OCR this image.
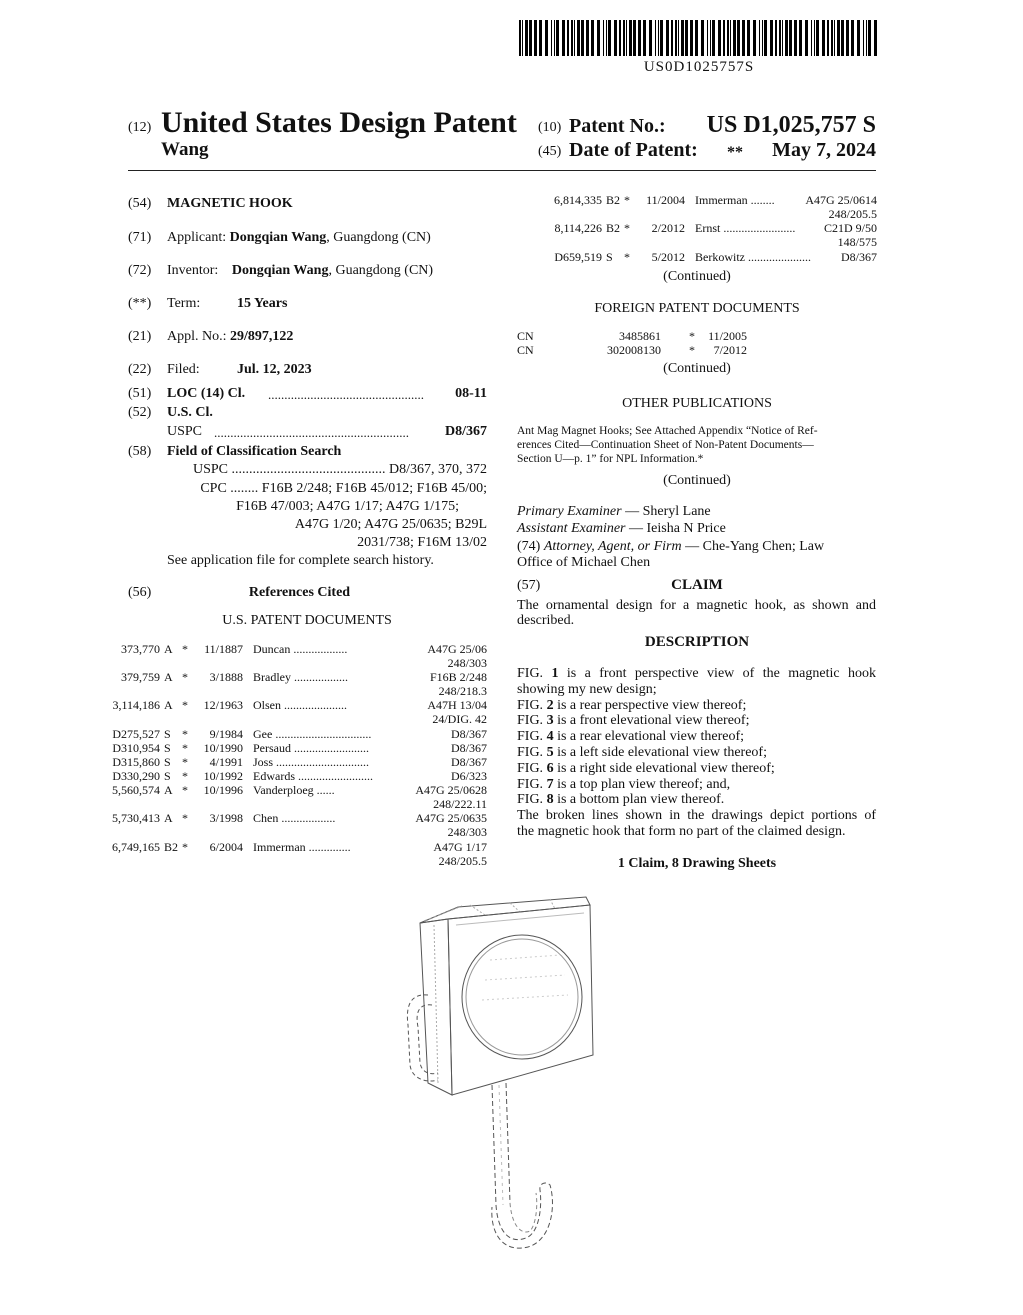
US0D1025757S
(12) United States Design Patent
Wang
(10) Patent No.: US D1,025,757 S
(45) Date of Patent: **	May 7, 2024
(54) MAGNETIC HOOK
(71) Applicant: Dongqian Wang, Guangdong (CN)
(72) Inventor: Dongqian Wang, Guangdong (CN)
(**) Term:	15 Years
(21) Appl. No.: 29/897,122
(22) Filed:	Jul. 12, 2023
(51) LOC (14) Cl. ................................................	08-11
(52) U.S. Cl.
USPC ............................................................	D8/367
(58) Field of Classification Search
USPC ............................................ D8/367, 370, 372
CPC ........ F16B 2/248; F16B 45/012; F16B 45/00;
F16B 47/003; A47G 1/17; A47G 1/175;
A47G 1/20; A47G 25/0635; B29L
2031/738; F16M 13/02
See application file for complete search history.
(56)	References Cited
U.S. PATENT DOCUMENTS
373,770 A * 11/1887 Duncan ..................	A47G 25/06
248/303
379,759 A * 3/1888 Bradley ..................	F16B 2/248
248/218.3
3,114,186 A * 12/1963 Olsen .....................	A47H 13/04
24/DIG. 42
D275,527 S * 9/1984 Gee ................................	D8/367
D310,954 S * 10/1990 Persaud .........................	D8/367
D315,860 S * 4/1991 Joss ...............................	D8/367
D330,290 S * 10/1992 Edwards .........................	D6/323
5,560,574 A * 10/1996 Vanderploeg ......	A47G 25/0628
248/222.11
5,730,413 A * 3/1998 Chen ..................	A47G 25/0635
248/303
6,749,165 B2 * 6/2004 Immerman ..............	A47G 1/17
248/205.5
6,814,335 B2 * 11/2004 Immerman ........	A47G 25/0614
248/205.5
8,114,226 B2 * 2/2012 Ernst ........................ C21D 9/50
148/575
D659,519 S * 5/2012 Berkowitz .....................	D8/367
(Continued)
FOREIGN PATENT DOCUMENTS
CN	3485861 * 11/2005
CN	302008130 * 7/2012
(Continued)
OTHER PUBLICATIONS
Ant Mag Magnet Hooks; See Attached Appendix “Notice of Ref-
erences Cited—Continuation Sheet of Non-Patent Documents—
Section U—p. 1” for NPL Information.*
(Continued)
Primary Examiner — Sheryl Lane
Assistant Examiner — Ieisha N Price
(74) Attorney, Agent, or Firm — Che-Yang Chen; Law
Office of Michael Chen
(57)	CLAIM
The ornamental design for a magnetic hook, as shown and
described.
DESCRIPTION
FIG. 1 is a front perspective view of the magnetic hook
showing my new design;
FIG. 2 is a rear perspective view thereof;
FIG. 3 is a front elevational view thereof;
FIG. 4 is a rear elevational view thereof;
FIG. 5 is a left side elevational view thereof;
FIG. 6 is a right side elevational view thereof;
FIG. 7 is a top plan view thereof; and,
FIG. 8 is a bottom plan view thereof.
The broken lines shown in the drawings depict portions of
the magnetic hook that form no part of the claimed design.
1 Claim, 8 Drawing Sheets
